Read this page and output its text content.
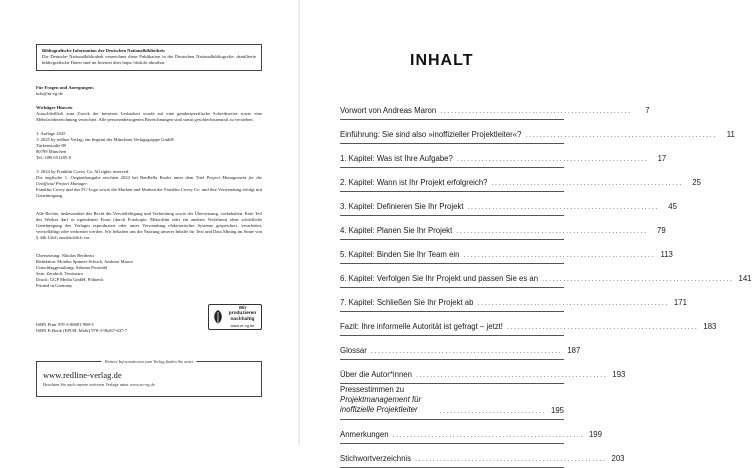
Bibliografische Information der Deutschen Nationalbibliothek:
Die Deutsche Nationalbibliothek verzeichnet diese Publikation in der Deutschen Nationalbibliografie; detaillierte bibliografische Daten sind im Internet über https://dnb.de abrufbar.
Für Fragen und Anregungen:
info@m-vg.de
Wichtiger Hinweis
Ausschließlich zum Zweck der besseren Lesbarkeit wurde auf eine genderspezifische Schreibweise sowie eine Mehrfachbezeichnung verzichtet. Alle personenbezogenen Bezeichnungen sind somit geschlechtsneutral zu verstehen.
1. Auflage 2025
© 2025 by redline Verlag, ein Imprint der Münchner Verlagsgruppe GmbH
Türkenstraße 89
80799 München
Tel.: 089 651285-0
© 2024 by Franklin Covey Co. All rights reserved.
Die englische 1. Originalausgabe erschien 2024 bei BenBella Books unter dem Titel Project Management for the Unofficial Project Manager.
Franklin Covey und das FC-Logo sowie die Marken und Marken der Franklin Covey Co. und ihre Verwendung erfolgt mit Genehmigung.
Alle Rechte, insbesondere das Recht der Vervielfältigung und Verbreitung sowie der Übersetzung, vorbehalten. Kein Teil des Werkes darf in irgendeiner Form (durch Fotokopie, Mikrofilm oder ein anderes Verfahren) ohne schriftliche Genehmigung des Verlages reproduziert oder unter Verwendung elektronischer Systeme gespeichert, verarbeitet, vervielfältigt oder verbreitet werden. Wir behalten uns die Nutzung unserer Inhalte für Text und Data Mining im Sinne von § 44b UrhG ausdrücklich vor.
Übersetzung: Nikolas Bertheau
Redaktion: Monika Spinner-Schuch, Andreas Maron
Umschlaggestaltung: Sabrina Prosenbl
Satz: Zerobolt, Timisoara
Druck: GGP Media GmbH, Pößneck
Printed in Germany
ISBN Print 978-3-86881-988-5
ISBN E-Book (EPUB, Mobi) 978-3-96267-637-7
Wir produzieren
nachhaltig
www.m-vg.de
Weitere Informationen zum Verlag finden Sie unter
www.redline-verlag.de
Beachten Sie auch unsere weiteren Verlage unter www.m-vg.de
INHALT
Vorwort von Andreas Maron ......................................................	7
Einführung: Sie sind also »inoffizieller Projektleiter«? ......................................................	11
1. Kapitel: Was ist Ihre Aufgabe? ......................................................	17
2. Kapitel: Wann ist Ihr Projekt erfolgreich? ......................................................	25
3. Kapitel: Definieren Sie Ihr Projekt ......................................................	45
4. Kapitel: Planen Sie Ihr Projekt ......................................................	79
5. Kapitel: Binden Sie Ihr Team ein ...................................................... 113
6. Kapitel: Verfolgen Sie Ihr Projekt und passen Sie es an ...................................................... 141
7. Kapitel: Schließen Sie Ihr Projekt ab ...................................................... 171
Fazit: Ihre informelle Autorität ist gefragt – jetzt! ...................................................... 183
Glossar ...................................................... 187
Über die Autor*innen ...................................................... 193
Pressestimmen zu Projektmanagement für inoffizielle Projektleiter	.............................. 195
Anmerkungen ...................................................... 199
Stichwortverzeichnis ...................................................... 203
